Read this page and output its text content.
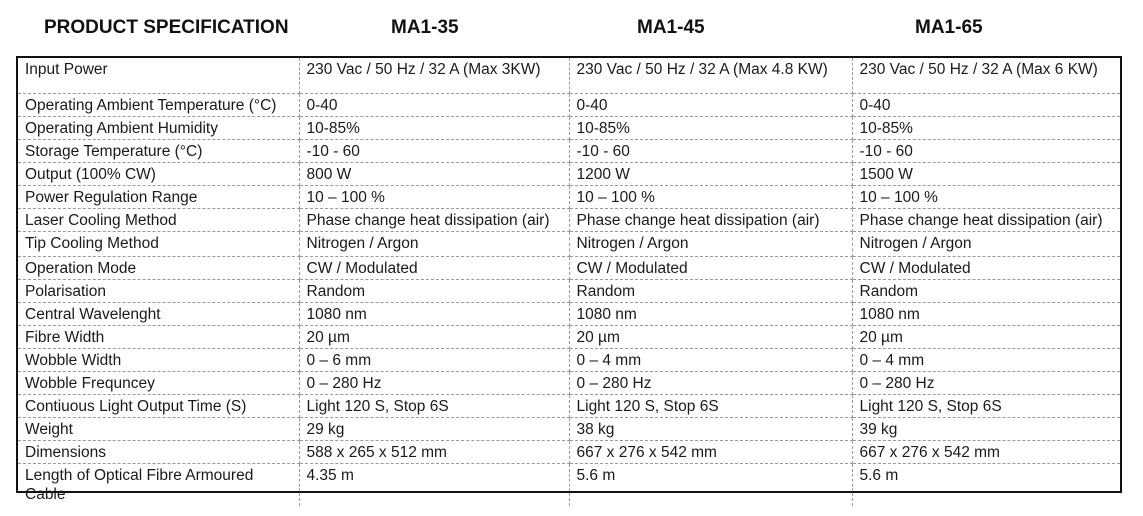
PRODUCT SPECIFICATION	MA1-35	MA1-45	MA1-65
Input Power	230 Vac / 50 Hz / 32 A (Max 3KW)	230 Vac / 50 Hz / 32 A (Max 4.8 KW)	230 Vac / 50 Hz / 32 A (Max 6 KW)
Operating Ambient Temperature (°C)	0-40	0-40	0-40
Operating Ambient Humidity	10-85%	10-85%	10-85%
Storage Temperature (°C)	-10 - 60	-10 - 60	-10 - 60
Output (100% CW)	800 W	1200 W	1500 W
Power Regulation Range	10 – 100 %	10 – 100 %	10 – 100 %
Laser Cooling Method	Phase change heat dissipation (air)	Phase change heat dissipation (air)	Phase change heat dissipation (air)
Tip Cooling Method	Nitrogen / Argon	Nitrogen / Argon	Nitrogen / Argon
Operation Mode	CW / Modulated	CW / Modulated	CW / Modulated
Polarisation	Random	Random	Random
Central Wavelenght	1080 nm	1080 nm	1080 nm
Fibre Width	20 µm	20 µm	20 µm
Wobble Width	0 – 6 mm	0 – 4 mm	0 – 4 mm
Wobble Frequncey	0 – 280 Hz	0 – 280 Hz	0 – 280 Hz
Contiuous Light Output Time (S)	Light 120 S, Stop 6S	Light 120 S, Stop 6S	Light 120 S, Stop 6S
Weight	29 kg	38 kg	39 kg
Dimensions	588 x 265 x 512 mm	667 x 276 x 542 mm	667 x 276 x 542 mm
Length of Optical Fibre Armoured Cable	4.35 m	5.6 m	5.6 m
